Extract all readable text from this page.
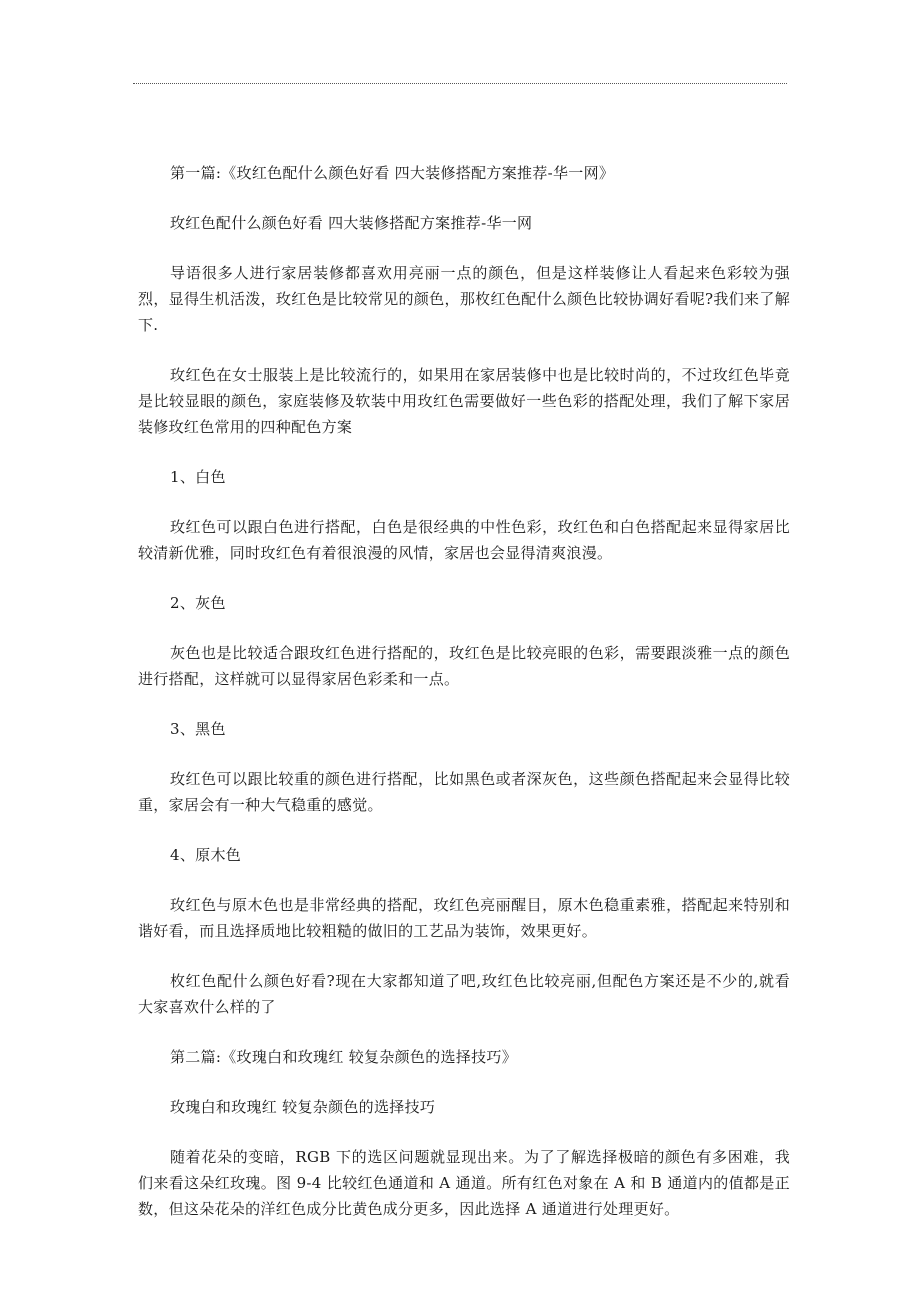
第一篇:《玫红色配什么颜色好看 四大装修搭配方案推荐-华一网》

玫红色配什么颜色好看 四大装修搭配方案推荐-华一网

导语很多人进行家居装修都喜欢用亮丽一点的颜色，但是这样装修让人看起来色彩较为强烈，显得生机活泼，玫红色是比较常见的颜色，那枚红色配什么颜色比较协调好看呢?我们来了解下.

玫红色在女士服装上是比较流行的，如果用在家居装修中也是比较时尚的，不过玫红色毕竟是比较显眼的颜色，家庭装修及软装中用玫红色需要做好一些色彩的搭配处理，我们了解下家居装修玫红色常用的四种配色方案

1、白色

玫红色可以跟白色进行搭配，白色是很经典的中性色彩，玫红色和白色搭配起来显得家居比较清新优雅，同时玫红色有着很浪漫的风情，家居也会显得清爽浪漫。

2、灰色

灰色也是比较适合跟玫红色进行搭配的，玫红色是比较亮眼的色彩，需要跟淡雅一点的颜色进行搭配，这样就可以显得家居色彩柔和一点。

3、黑色

玫红色可以跟比较重的颜色进行搭配，比如黑色或者深灰色，这些颜色搭配起来会显得比较重，家居会有一种大气稳重的感觉。

4、原木色

玫红色与原木色也是非常经典的搭配，玫红色亮丽醒目，原木色稳重素雅，搭配起来特别和谐好看，而且选择质地比较粗糙的做旧的工艺品为装饰，效果更好。

枚红色配什么颜色好看?现在大家都知道了吧,玫红色比较亮丽,但配色方案还是不少的,就看大家喜欢什么样的了

第二篇:《玫瑰白和玫瑰红 较复杂颜色的选择技巧》

玫瑰白和玫瑰红 较复杂颜色的选择技巧

随着花朵的变暗，RGB 下的选区问题就显现出来。为了了解选择极暗的颜色有多困难，我们来看这朵红玫瑰。图 9-4 比较红色通道和 A 通道。所有红色对象在 A 和 B 通道内的值都是正数，但这朵花朵的洋红色成分比黄色成分更多，因此选择 A 通道进行处理更好。
